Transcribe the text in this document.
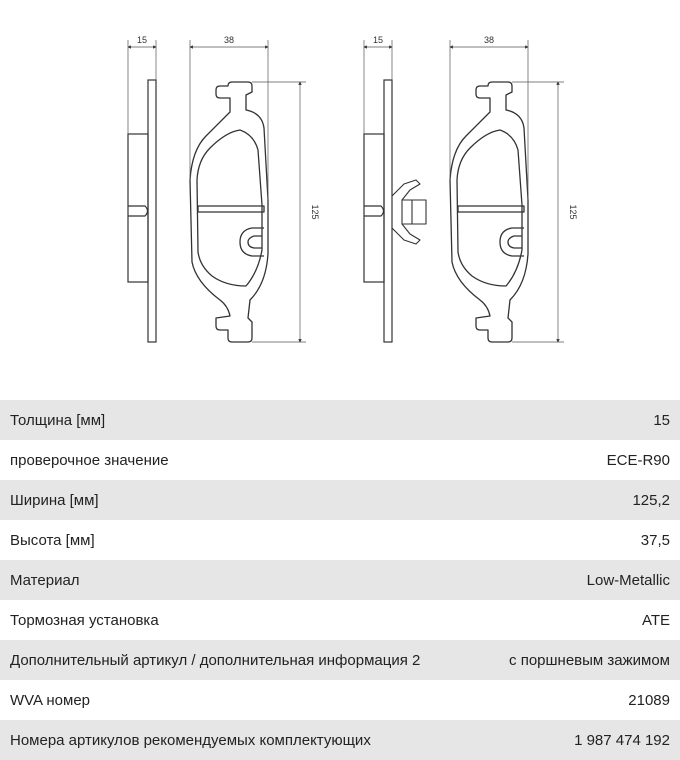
15	38
125
15	38
125
Толщина [мм]	15
проверочное значение	ECE-R90
Ширина [мм]	125,2
Высота [мм]	37,5
Материал	Low-Metallic
Тормозная установка	ATE
Дополнительный артикул / дополнительная информация 2	с поршневым зажимом
WVA номер	21089
Номера артикулов рекомендуемых комплектующих	1 987 474 192
